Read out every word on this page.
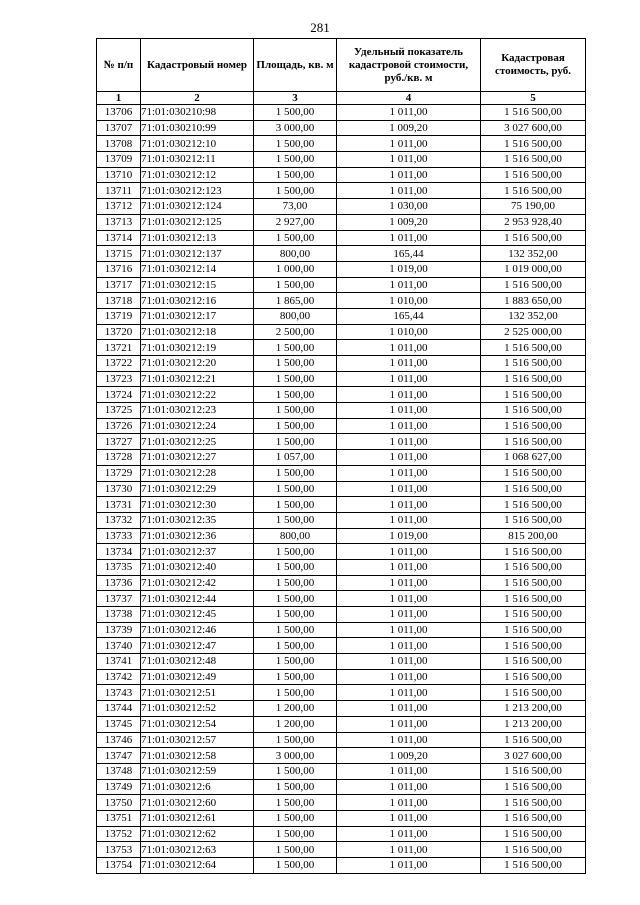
281
№ п/п	Кадастровый номер	Площадь, кв. м	Удельный показатель кадастровой стоимости, руб./кв. м	Кадастровая стоимость, руб.
1	2	3	4	5
13706	71:01:030210:98	1 500,00	1 011,00	1 516 500,00
13707	71:01:030210:99	3 000,00	1 009,20	3 027 600,00
13708	71:01:030212:10	1 500,00	1 011,00	1 516 500,00
13709	71:01:030212:11	1 500,00	1 011,00	1 516 500,00
13710	71:01:030212:12	1 500,00	1 011,00	1 516 500,00
13711	71:01:030212:123	1 500,00	1 011,00	1 516 500,00
13712	71:01:030212:124	73,00	1 030,00	75 190,00
13713	71:01:030212:125	2 927,00	1 009,20	2 953 928,40
13714	71:01:030212:13	1 500,00	1 011,00	1 516 500,00
13715	71:01:030212:137	800,00	165,44	132 352,00
13716	71:01:030212:14	1 000,00	1 019,00	1 019 000,00
13717	71:01:030212:15	1 500,00	1 011,00	1 516 500,00
13718	71:01:030212:16	1 865,00	1 010,00	1 883 650,00
13719	71:01:030212:17	800,00	165,44	132 352,00
13720	71:01:030212:18	2 500,00	1 010,00	2 525 000,00
13721	71:01:030212:19	1 500,00	1 011,00	1 516 500,00
13722	71:01:030212:20	1 500,00	1 011,00	1 516 500,00
13723	71:01:030212:21	1 500,00	1 011,00	1 516 500,00
13724	71:01:030212:22	1 500,00	1 011,00	1 516 500,00
13725	71:01:030212:23	1 500,00	1 011,00	1 516 500,00
13726	71:01:030212:24	1 500,00	1 011,00	1 516 500,00
13727	71:01:030212:25	1 500,00	1 011,00	1 516 500,00
13728	71:01:030212:27	1 057,00	1 011,00	1 068 627,00
13729	71:01:030212:28	1 500,00	1 011,00	1 516 500,00
13730	71:01:030212:29	1 500,00	1 011,00	1 516 500,00
13731	71:01:030212:30	1 500,00	1 011,00	1 516 500,00
13732	71:01:030212:35	1 500,00	1 011,00	1 516 500,00
13733	71:01:030212:36	800,00	1 019,00	815 200,00
13734	71:01:030212:37	1 500,00	1 011,00	1 516 500,00
13735	71:01:030212:40	1 500,00	1 011,00	1 516 500,00
13736	71:01:030212:42	1 500,00	1 011,00	1 516 500,00
13737	71:01:030212:44	1 500,00	1 011,00	1 516 500,00
13738	71:01:030212:45	1 500,00	1 011,00	1 516 500,00
13739	71:01:030212:46	1 500,00	1 011,00	1 516 500,00
13740	71:01:030212:47	1 500,00	1 011,00	1 516 500,00
13741	71:01:030212:48	1 500,00	1 011,00	1 516 500,00
13742	71:01:030212:49	1 500,00	1 011,00	1 516 500,00
13743	71:01:030212:51	1 500,00	1 011,00	1 516 500,00
13744	71:01:030212:52	1 200,00	1 011,00	1 213 200,00
13745	71:01:030212:54	1 200,00	1 011,00	1 213 200,00
13746	71:01:030212:57	1 500,00	1 011,00	1 516 500,00
13747	71:01:030212:58	3 000,00	1 009,20	3 027 600,00
13748	71:01:030212:59	1 500,00	1 011,00	1 516 500,00
13749	71:01:030212:6	1 500,00	1 011,00	1 516 500,00
13750	71:01:030212:60	1 500,00	1 011,00	1 516 500,00
13751	71:01:030212:61	1 500,00	1 011,00	1 516 500,00
13752	71:01:030212:62	1 500,00	1 011,00	1 516 500,00
13753	71:01:030212:63	1 500,00	1 011,00	1 516 500,00
13754	71:01:030212:64	1 500,00	1 011,00	1 516 500,00
